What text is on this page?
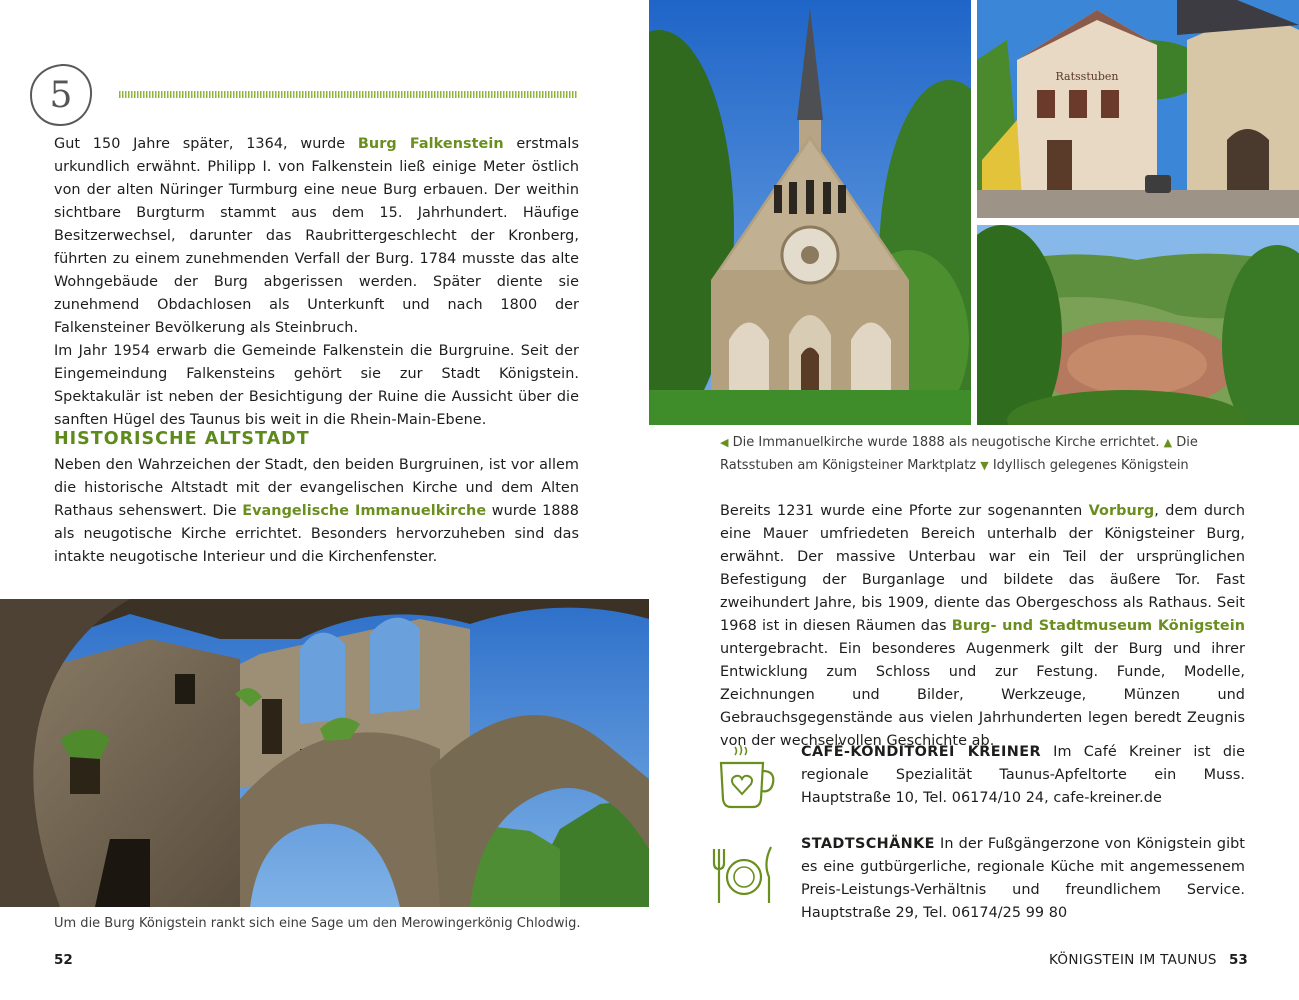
5

Gut 150 Jahre später, 1364, wurde Burg Falkenstein erstmals urkundlich erwähnt. Philipp I. von Falkenstein ließ einige Meter östlich von der alten Nüringer Turmburg eine neue Burg erbauen. Der weithin sichtbare Burgturm stammt aus dem 15. Jahrhundert. Häufige Besitzerwechsel, darunter das Raubrittergeschlecht der Kronberg, führten zu einem zunehmenden Verfall der Burg. 1784 musste das alte Wohngebäude der Burg abgerissen werden. Später diente sie zunehmend Obdachlosen als Unterkunft und nach 1800 der Falkensteiner Bevölkerung als Steinbruch.

Im Jahr 1954 erwarb die Gemeinde Falkenstein die Burgruine. Seit der Eingemeindung Falkensteins gehört sie zur Stadt Königstein. Spektakulär ist neben der Besichtigung der Ruine die Aussicht über die sanften Hügel des Taunus bis weit in die Rhein-Main-Ebene.

HISTORISCHE ALTSTADT

Neben den Wahrzeichen der Stadt, den beiden Burgruinen, ist vor allem die historische Altstadt mit der evangelischen Kirche und dem Alten Rathaus sehenswert. Die Evangelische Immanuelkirche wurde 1888 als neugotische Kirche errichtet. Besonders hervorzuheben sind das intakte neugotische Interieur und die Kirchenfenster.

Um die Burg Königstein rankt sich eine Sage um den Merowingerkönig Chlodwig.
52
Ratsstuben
◀ Die Immanuelkirche wurde 1888 als neugotische Kirche errichtet. ▲ Die Ratsstuben am Königsteiner Marktplatz ▼ Idyllisch gelegenes Königstein

Bereits 1231 wurde eine Pforte zur sogenannten Vorburg, dem durch eine Mauer umfriedeten Bereich unterhalb der Königsteiner Burg, erwähnt. Der massive Unterbau war ein Teil der ursprünglichen Befestigung der Burganlage und bildete das äußere Tor. Fast zweihundert Jahre, bis 1909, diente das Obergeschoss als Rathaus. Seit 1968 ist in diesen Räumen das Burg- und Stadtmuseum Königstein untergebracht. Ein besonderes Augenmerk gilt der Burg und ihrer Entwicklung zum Schloss und zur Festung. Funde, Modelle, Zeichnungen und Bilder, Werkzeuge, Münzen und Gebrauchsgegenstände aus vielen Jahrhunderten legen beredt Zeugnis von der wechselvollen Geschichte ab.

CAFÉ-KONDITOREI KREINER Im Café Kreiner ist die regionale Spezialität Taunus-Apfeltorte ein Muss. Hauptstraße 10, Tel. 06174/10 24, cafe-kreiner.de
STADTSCHÄNKE In der Fußgängerzone von Königstein gibt es eine gutbürgerliche, regionale Küche mit angemessenem Preis-Leistungs-Verhältnis und freundlichem Service. Hauptstraße 29, Tel. 06174/25 99 80
KÖNIGSTEIN IM TAUNUS 53
